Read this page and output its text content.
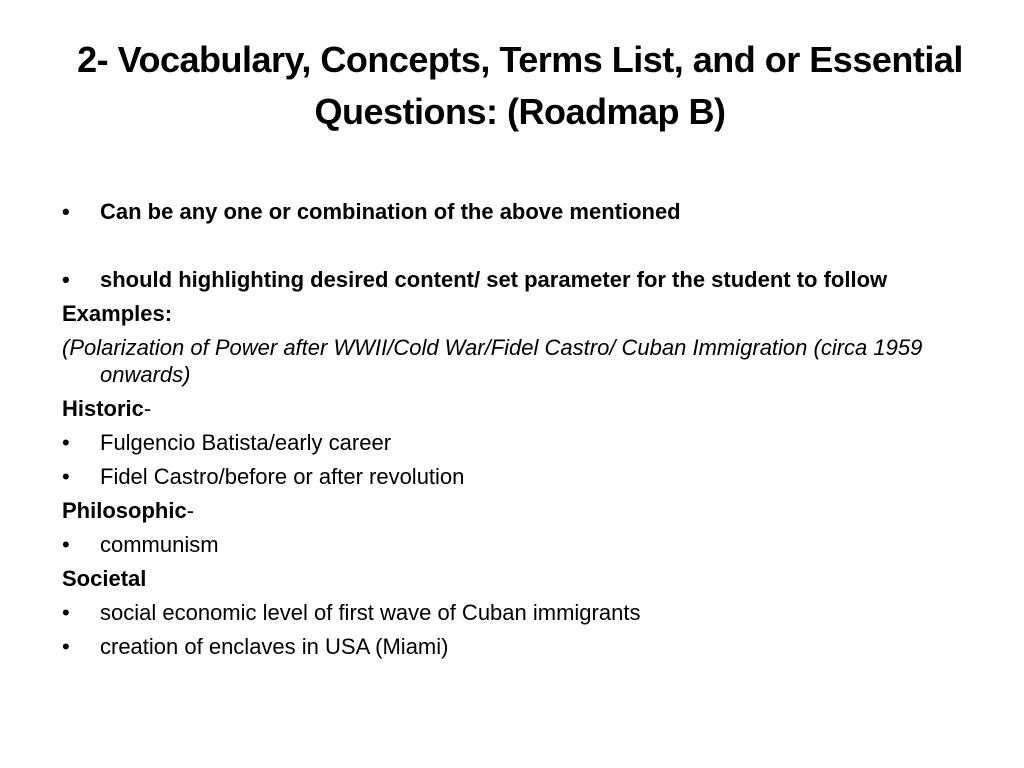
2- Vocabulary, Concepts, Terms List, and or Essential Questions: (Roadmap B)
•	Can be any one or combination of the above mentioned
•	should highlighting desired content/ set parameter for the student to follow
Examples:
(Polarization of Power after WWII/Cold War/Fidel Castro/ Cuban Immigration (circa 1959 onwards)
Historic-
•	Fulgencio Batista/early career
•	Fidel Castro/before or after revolution
Philosophic-
•	communism
Societal
•	social economic level of first wave of Cuban immigrants
•	creation of enclaves in USA (Miami)
